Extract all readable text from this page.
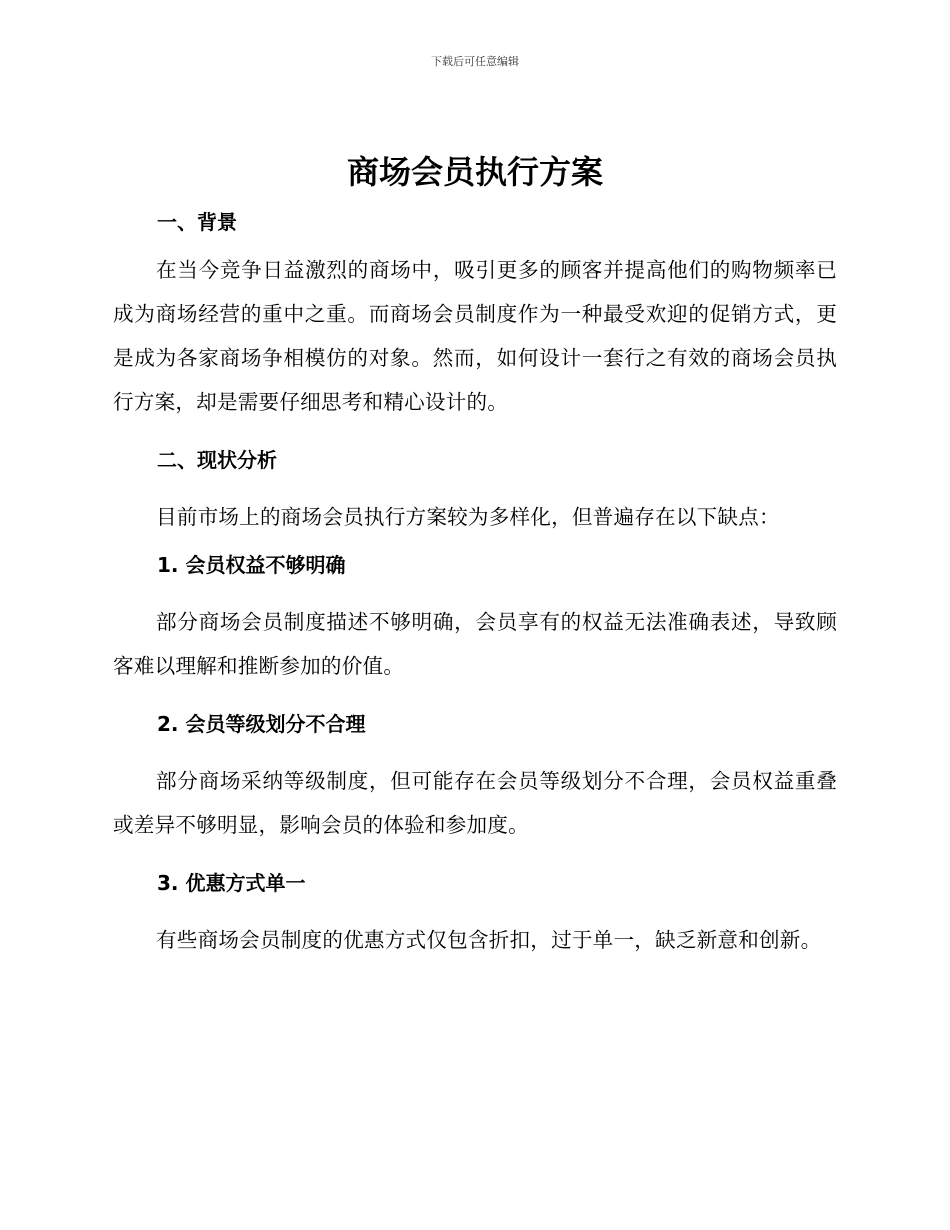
下载后可任意编辑
商场会员执行方案
一、背景

在当今竞争日益激烈的商场中，吸引更多的顾客并提高他们的购物频率已成为商场经营的重中之重。而商场会员制度作为一种最受欢迎的促销方式，更是成为各家商场争相模仿的对象。然而，如何设计一套行之有效的商场会员执行方案，却是需要仔细思考和精心设计的。

二、现状分析

目前市场上的商场会员执行方案较为多样化，但普遍存在以下缺点：

1. 会员权益不够明确

部分商场会员制度描述不够明确，会员享有的权益无法准确表述，导致顾客难以理解和推断参加的价值。

2. 会员等级划分不合理

部分商场采纳等级制度，但可能存在会员等级划分不合理，会员权益重叠或差异不够明显，影响会员的体验和参加度。

3. 优惠方式单一

有些商场会员制度的优惠方式仅包含折扣，过于单一，缺乏新意和创新。
